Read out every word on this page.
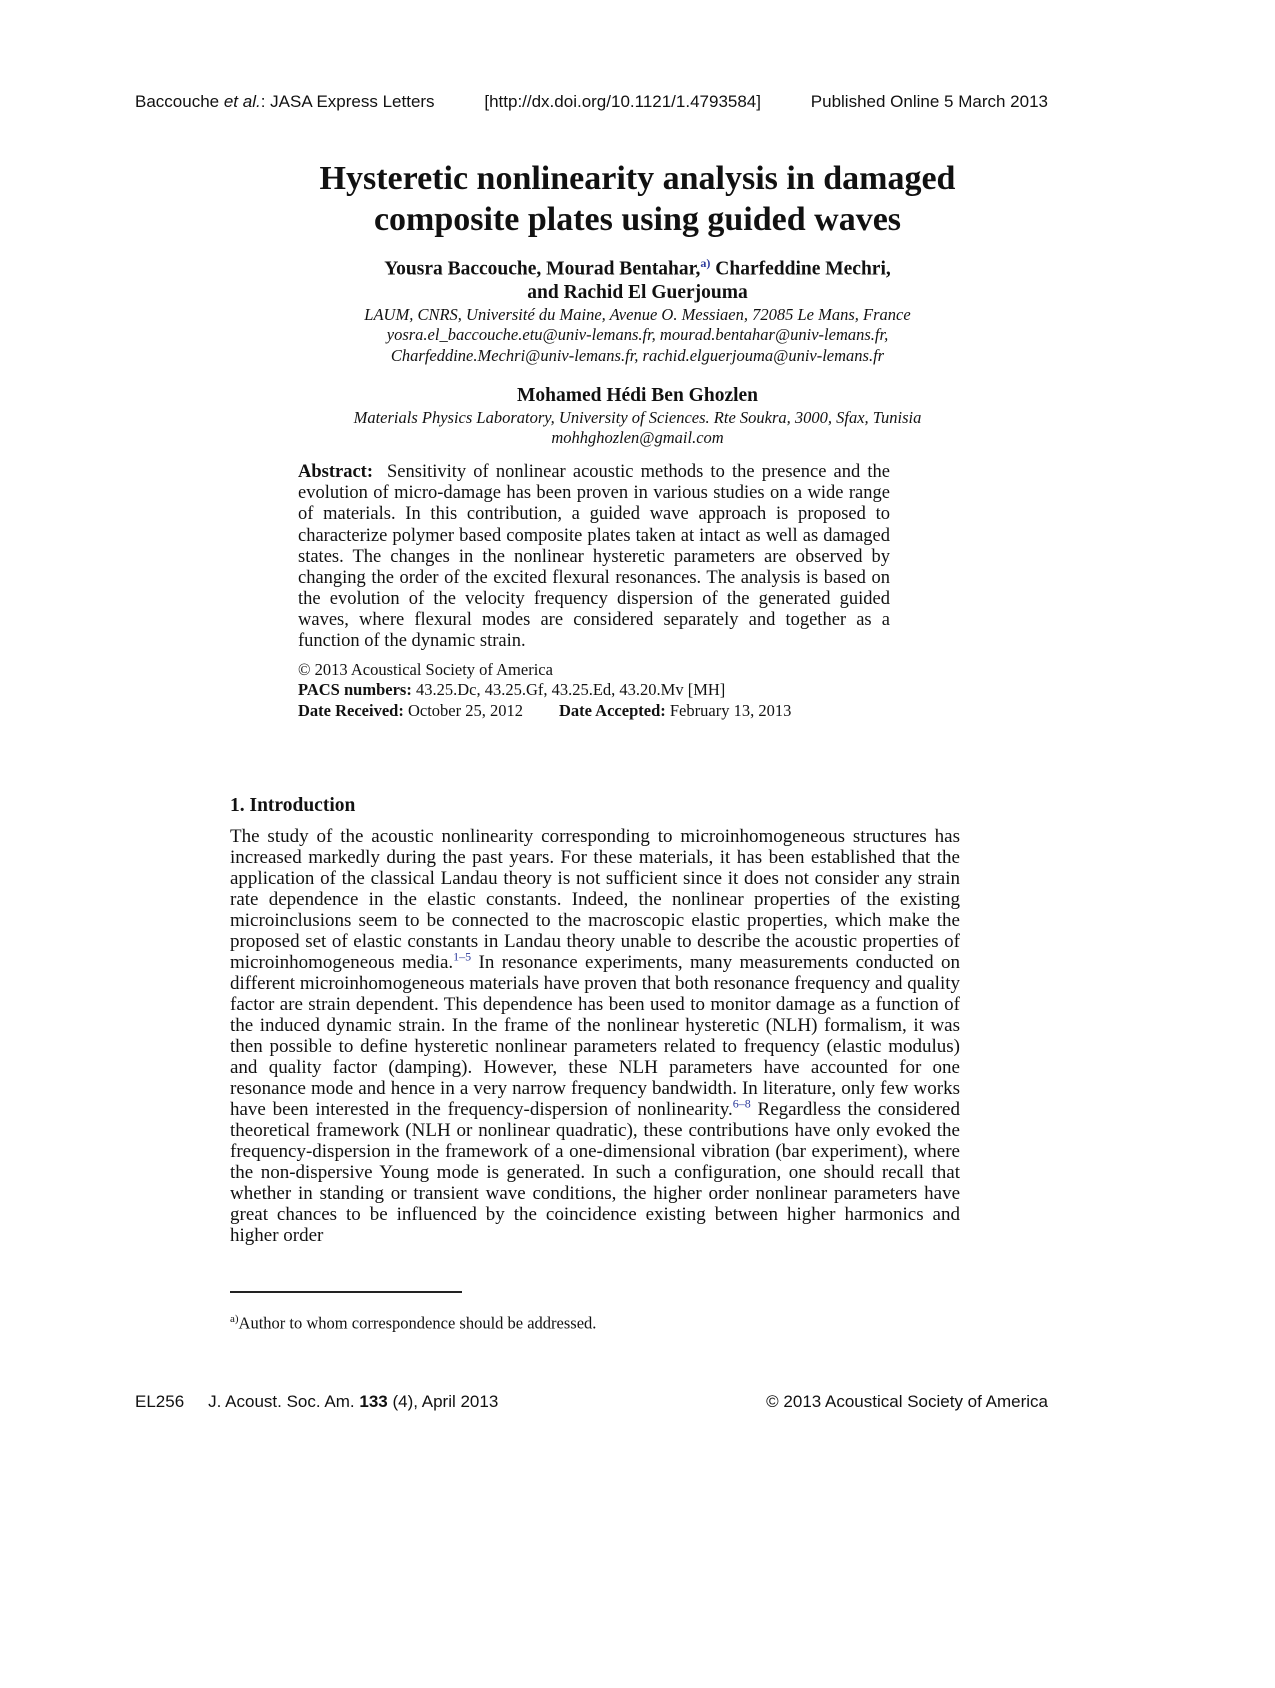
Baccouche et al.: JASA Express Letters	[http://dx.doi.org/10.1121/1.4793584]	Published Online 5 March 2013
Hysteretic nonlinearity analysis in damaged composite plates using guided waves
Yousra Baccouche, Mourad Bentahar,$^{a)}$ Charfeddine Mechri,
and Rachid El Guerjouma
LAUM, CNRS, Université du Maine, Avenue O. Messiaen, 72085 Le Mans, France
yosra.el_baccouche.etu@univ-lemans.fr, mourad.bentahar@univ-lemans.fr,
Charfeddine.Mechri@univ-lemans.fr, rachid.elguerjouma@univ-lemans.fr
Mohamed Hédi Ben Ghozlen
Materials Physics Laboratory, University of Sciences. Rte Soukra, 3000, Sfax, Tunisia
mohhghozlen@gmail.com

Abstract: Sensitivity of nonlinear acoustic methods to the presence and the evolution of micro-damage has been proven in various studies on a wide range of materials. In this contribution, a guided wave approach is proposed to characterize polymer based composite plates taken at intact as well as damaged states. The changes in the nonlinear hysteretic parameters are observed by changing the order of the excited flexural resonances. The analysis is based on the evolution of the velocity frequency dispersion of the generated guided waves, where flexural modes are considered separately and together as a function of the dynamic strain.

© 2013 Acoustical Society of America
PACS numbers: 43.25.Dc, 43.25.Gf, 43.25.Ed, 43.20.Mv [MH]
Date Received: October 25, 2012 Date Accepted: February 13, 2013
1. Introduction

The study of the acoustic nonlinearity corresponding to microinhomogeneous structures has increased markedly during the past years. For these materials, it has been established that the application of the classical Landau theory is not sufficient since it does not consider any strain rate dependence in the elastic constants. Indeed, the nonlinear properties of the existing microinclusions seem to be connected to the macroscopic elastic properties, which make the proposed set of elastic constants in Landau theory unable to describe the acoustic properties of microinhomogeneous media.$^{1-5}$ In resonance experiments, many measurements conducted on different microinhomogeneous materials have proven that both resonance frequency and quality factor are strain dependent. This dependence has been used to monitor damage as a function of the induced dynamic strain. In the frame of the nonlinear hysteretic (NLH) formalism, it was then possible to define hysteretic nonlinear parameters related to frequency (elastic modulus) and quality factor (damping). However, these NLH parameters have accounted for one resonance mode and hence in a very narrow frequency bandwidth. In literature, only few works have been interested in the frequency-dispersion of nonlinearity.$^{6-8}$ Regardless the considered theoretical framework (NLH or nonlinear quadratic), these contributions have only evoked the frequency-dispersion in the framework of a one-dimensional vibration (bar experiment), where the non-dispersive Young mode is generated. In such a configuration, one should recall that whether in standing or transient wave conditions, the higher order nonlinear parameters have great chances to be influenced by the coincidence existing between higher harmonics and higher order

$^{a)}$Author to whom correspondence should be addressed.
EL256 J. Acoust. Soc. Am. 133 (4), April 2013	© 2013 Acoustical Society of America
